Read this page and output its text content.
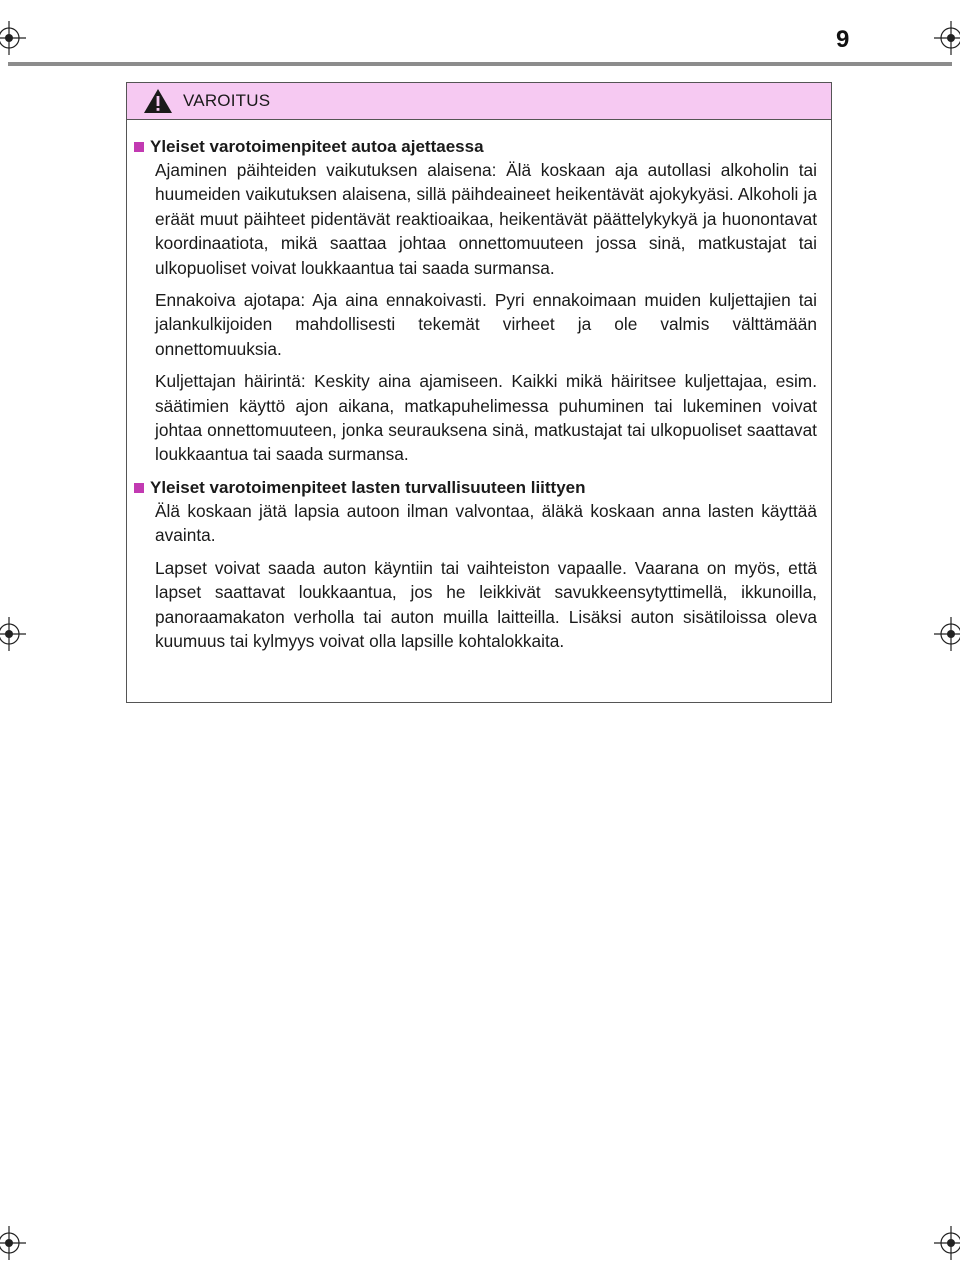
9
VAROITUS
Yleiset varotoimenpiteet autoa ajettaessa

Ajaminen päihteiden vaikutuksen alaisena: Älä koskaan aja autollasi alkoholin tai huumeiden vaikutuksen alaisena, sillä päihdeaineet heikentävät ajokykyäsi. Alkoholi ja eräät muut päihteet pidentävät reaktioaikaa, heikentävät päättelykykyä ja huonontavat koordinaatiota, mikä saattaa johtaa onnettomuuteen jossa sinä, matkustajat tai ulkopuoliset voivat loukkaantua tai saada surmansa.

Ennakoiva ajotapa: Aja aina ennakoivasti. Pyri ennakoimaan muiden kuljettajien tai jalankulkijoiden mahdollisesti tekemät virheet ja ole valmis välttämään onnettomuuksia.

Kuljettajan häirintä: Keskity aina ajamiseen. Kaikki mikä häiritsee kuljettajaa, esim. säätimien käyttö ajon aikana, matkapuhelimessa puhuminen tai lukeminen voivat johtaa onnettomuuteen, jonka seurauksena sinä, matkustajat tai ulkopuoliset saattavat loukkaantua tai saada surmansa.

Yleiset varotoimenpiteet lasten turvallisuuteen liittyen

Älä koskaan jätä lapsia autoon ilman valvontaa, äläkä koskaan anna lasten käyttää avainta.

Lapset voivat saada auton käyntiin tai vaihteiston vapaalle. Vaarana on myös, että lapset saattavat loukkaantua, jos he leikkivät savukkeensytyttimellä, ikkunoilla, panoraamakaton verholla tai auton muilla laitteilla. Lisäksi auton sisätiloissa oleva kuumuus tai kylmyys voivat olla lapsille kohtalokkaita.
